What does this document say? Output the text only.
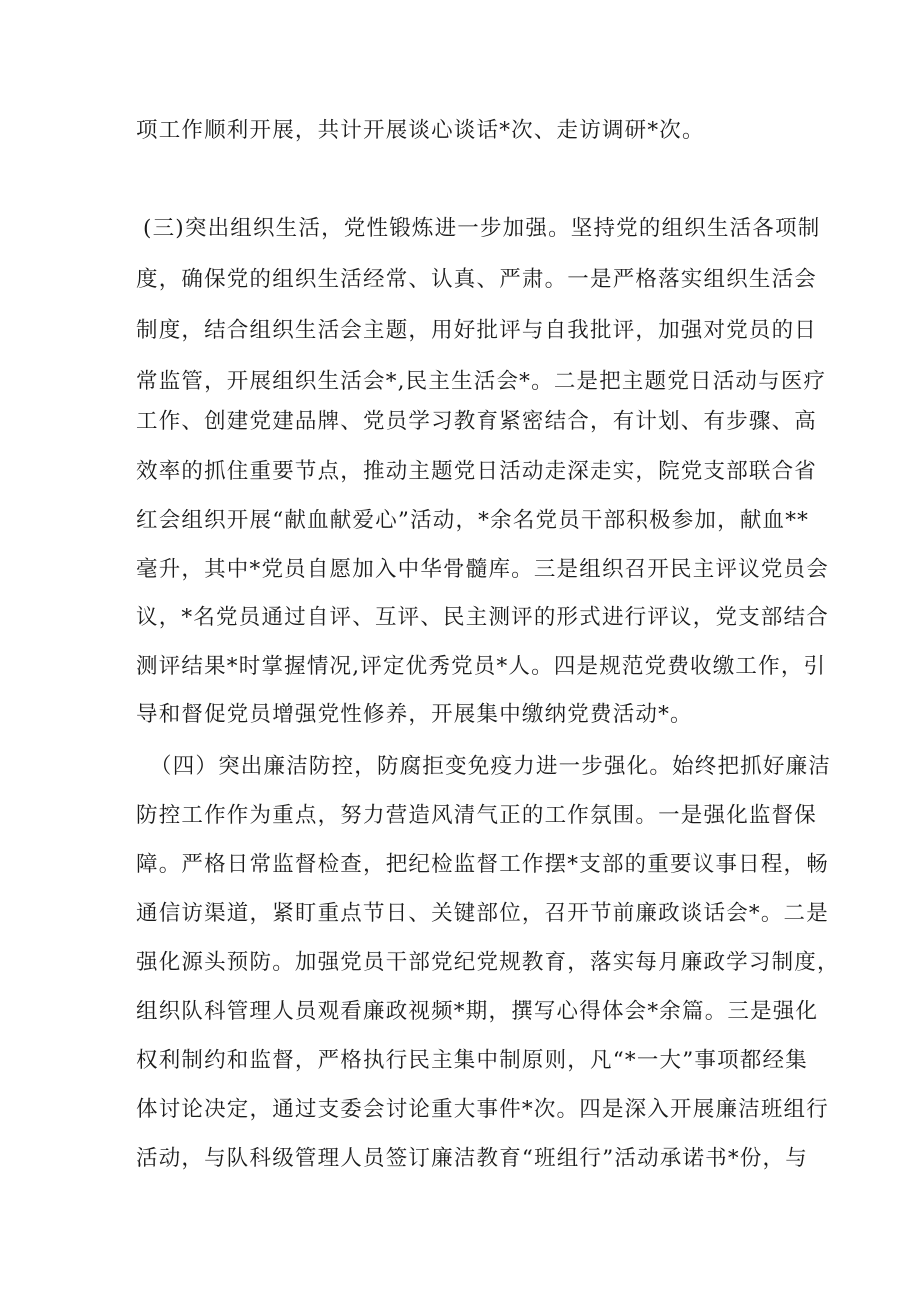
项工作顺利开展，共计开展谈心谈话*次、走访调研*次。
(三)突出组织生活，党性锻炼进一步加强。坚持党的组织生活各项制
度，确保党的组织生活经常、认真、严肃。一是严格落实组织生活会
制度，结合组织生活会主题，用好批评与自我批评，加强对党员的日
常监管，开展组织生活会*,民主生活会*。二是把主题党日活动与医疗
工作、创建党建品牌、党员学习教育紧密结合，有计划、有步骤、高
效率的抓住重要节点，推动主题党日活动走深走实，院党支部联合省
红会组织开展“献血献爱心”活动，*余名党员干部积极参加，献血**
毫升，其中*党员自愿加入中华骨髓库。三是组织召开民主评议党员会
议，*名党员通过自评、互评、民主测评的形式进行评议，党支部结合
测评结果*时掌握情况,评定优秀党员*人。四是规范党费收缴工作，引
导和督促党员增强党性修养，开展集中缴纳党费活动*。
（四）突出廉洁防控，防腐拒变免疫力进一步强化。始终把抓好廉洁
防控工作作为重点，努力营造风清气正的工作氛围。一是强化监督保
障。严格日常监督检查，把纪检监督工作摆*支部的重要议事日程，畅
通信访渠道，紧盯重点节日、关键部位，召开节前廉政谈话会*。二是
强化源头预防。加强党员干部党纪党规教育，落实每月廉政学习制度，
组织队科管理人员观看廉政视频*期，撰写心得体会*余篇。三是强化
权利制约和监督，严格执行民主集中制原则，凡“*一大”事项都经集
体讨论决定，通过支委会讨论重大事件*次。四是深入开展廉洁班组行
活动，与队科级管理人员签订廉洁教育“班组行”活动承诺书*份，与
